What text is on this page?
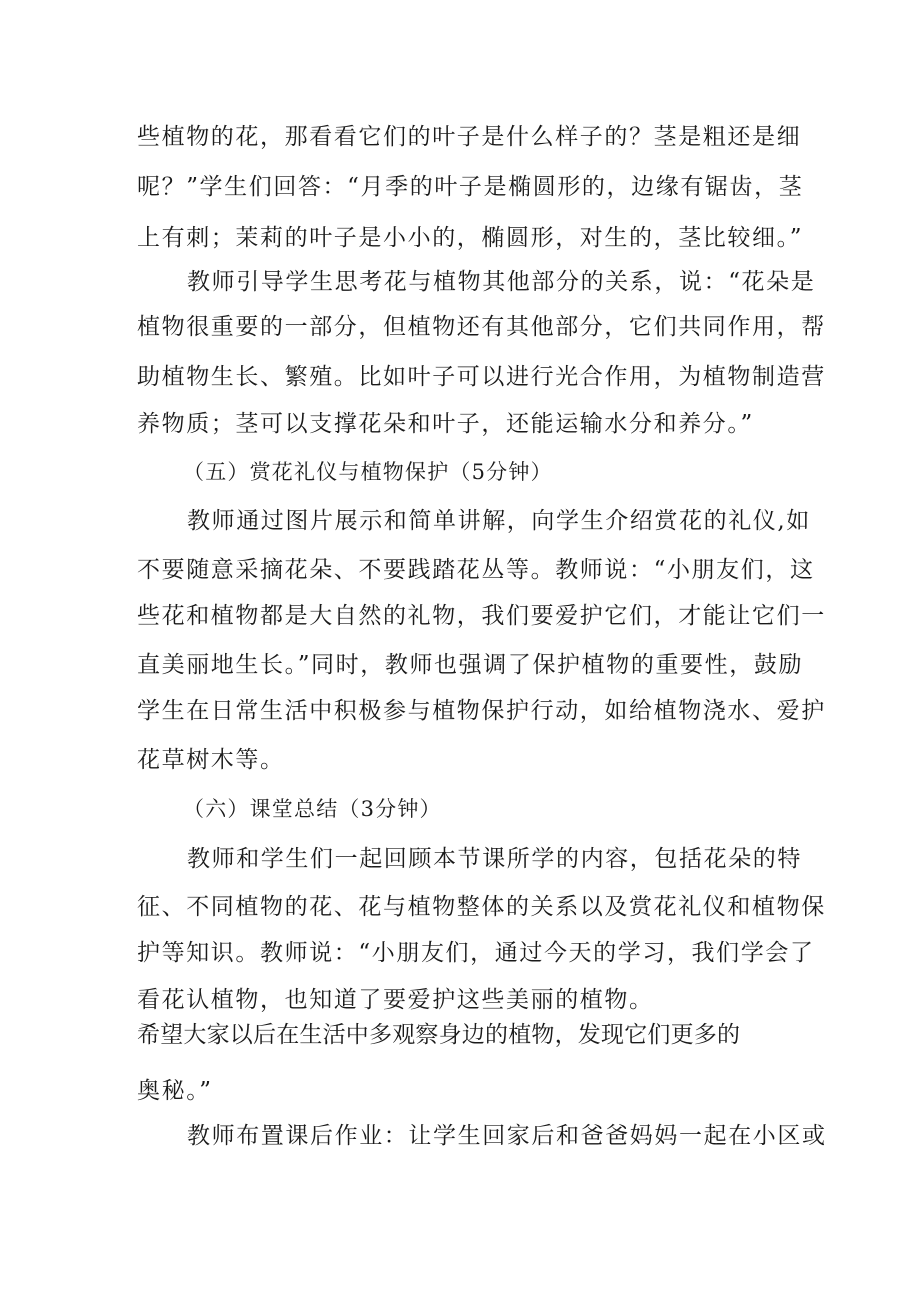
些植物的花，那看看它们的叶子是什么样子的？茎是粗还是细
呢？”学生们回答：“月季的叶子是椭圆形的，边缘有锯齿，茎
上有刺；茉莉的叶子是小小的，椭圆形，对生的，茎比较细。”
教师引导学生思考花与植物其他部分的关系，说：“花朵是
植物很重要的一部分，但植物还有其他部分，它们共同作用，帮
助植物生长、繁殖。比如叶子可以进行光合作用，为植物制造营
养物质；茎可以支撑花朵和叶子，还能运输水分和养分。”
（五）赏花礼仪与植物保护（5分钟）
教师通过图片展示和简单讲解，向学生介绍赏花的礼仪,如
不要随意采摘花朵、不要践踏花丛等。教师说：“小朋友们，这
些花和植物都是大自然的礼物，我们要爱护它们，才能让它们一
直美丽地生长。”同时，教师也强调了保护植物的重要性，鼓励
学生在日常生活中积极参与植物保护行动，如给植物浇水、爱护
花草树木等。
（六）课堂总结（3分钟）
教师和学生们一起回顾本节课所学的内容，包括花朵的特
征、不同植物的花、花与植物整体的关系以及赏花礼仪和植物保
护等知识。教师说：“小朋友们，通过今天的学习，我们学会了
看花认植物，也知道了要爱护这些美丽的植物。
希望大家以后在生活中多观察身边的植物，发现它们更多的
奥秘。”
教师布置课后作业：让学生回家后和爸爸妈妈一起在小区或
